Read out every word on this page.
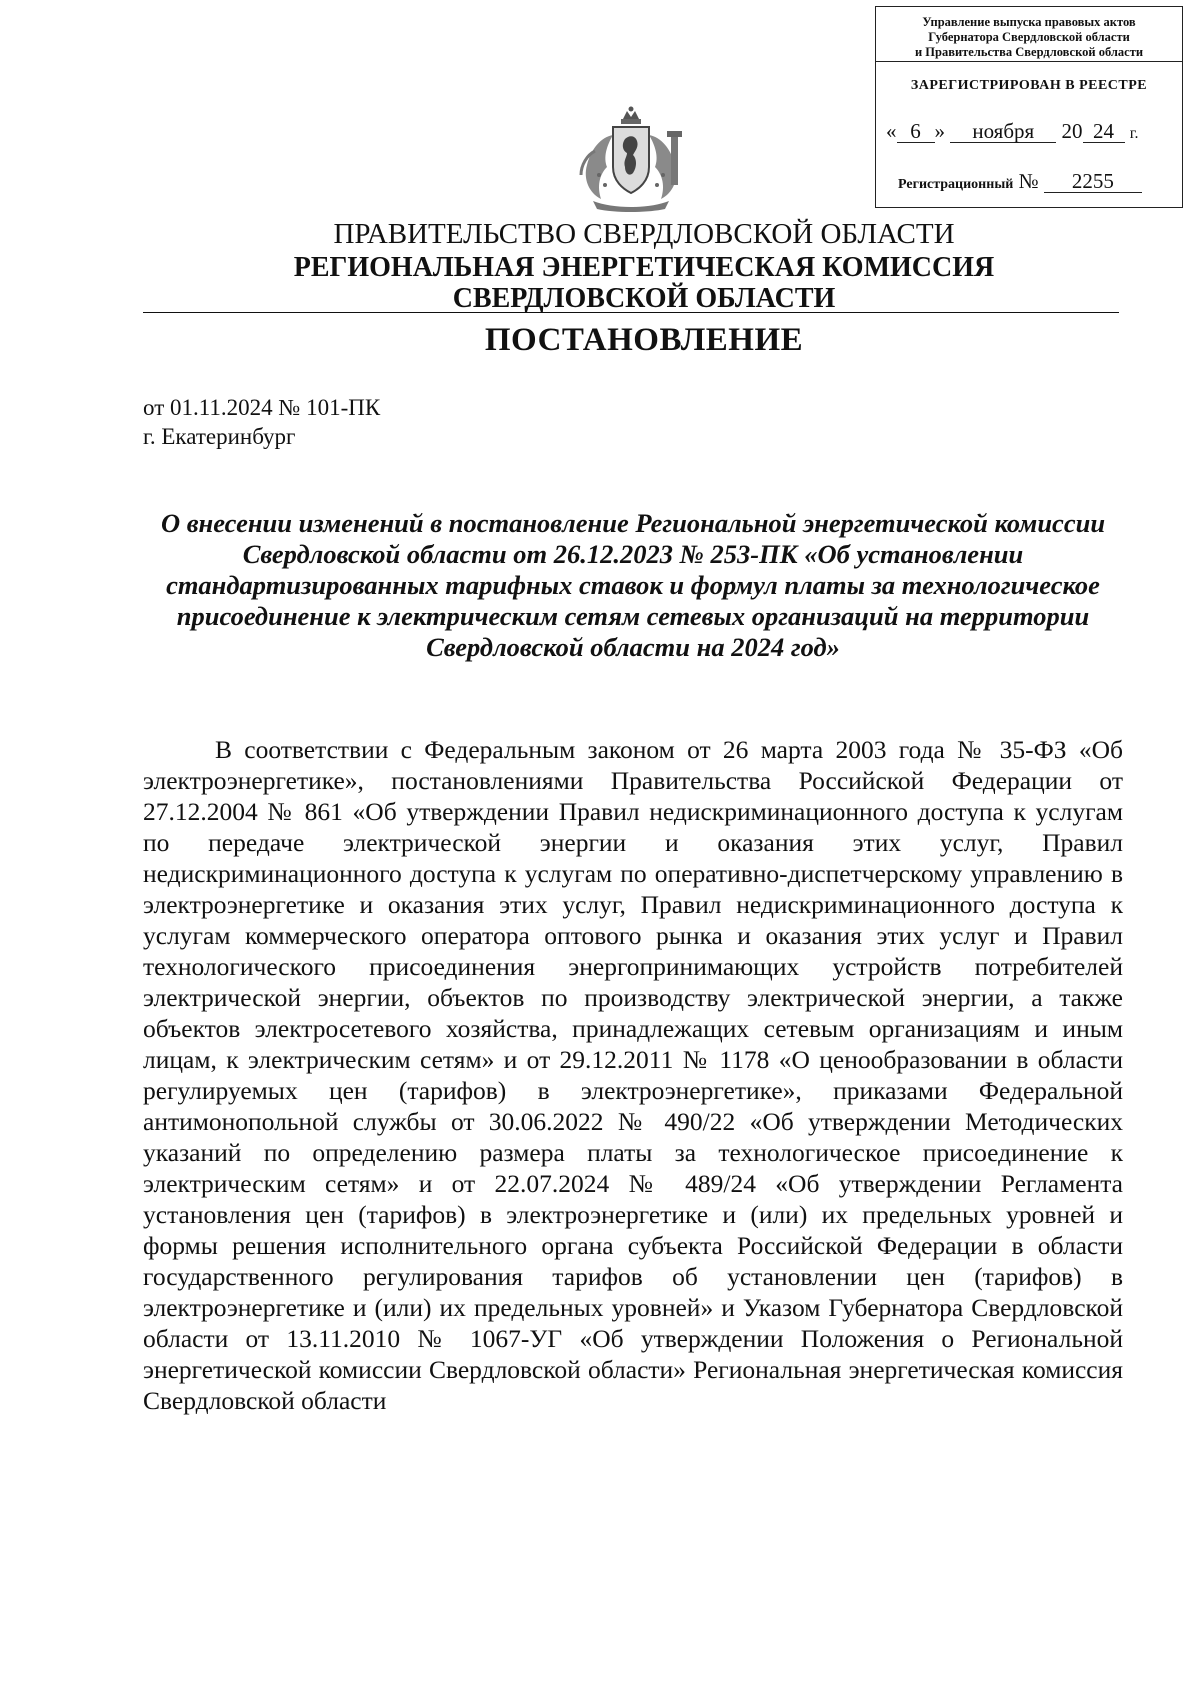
Управление выпуска правовых актов
Губернатора Свердловской области
и Правительства Свердловской области
ЗАРЕГИСТРИРОВАН В РЕЕСТРЕ
« 6 » ноября 20 24 г.
Регистрационный № 2255
ПРАВИТЕЛЬСТВО СВЕРДЛОВСКОЙ ОБЛАСТИ
РЕГИОНАЛЬНАЯ ЭНЕРГЕТИЧЕСКАЯ КОМИССИЯ
СВЕРДЛОВСКОЙ ОБЛАСТИ
ПОСТАНОВЛЕНИЕ
от 01.11.2024 № 101-ПК
г. Екатеринбург
О внесении изменений в постановление Региональной энергетической комиссии Свердловской области от 26.12.2023 № 253-ПК «Об установлении стандартизированных тарифных ставок и формул платы за технологическое присоединение к электрическим сетям сетевых организаций на территории Свердловской области на 2024 год»

В соответствии с Федеральным законом от 26 марта 2003 года № 35-ФЗ «Об электроэнергетике», постановлениями Правительства Российской Федерации от 27.12.2004 № 861 «Об утверждении Правил недискриминационного доступа к услугам по передаче электрической энергии и оказания этих услуг, Правил недискриминационного доступа к услугам по оперативно-диспетчерскому управлению в электроэнергетике и оказания этих услуг, Правил недискриминационного доступа к услугам коммерческого оператора оптового рынка и оказания этих услуг и Правил технологического присоединения энергопринимающих устройств потребителей электрической энергии, объектов по производству электрической энергии, а также объектов электросетевого хозяйства, принадлежащих сетевым организациям и иным лицам, к электрическим сетям» и от 29.12.2011 № 1178 «О ценообразовании в области регулируемых цен (тарифов) в электроэнергетике», приказами Федеральной антимонопольной службы от 30.06.2022 № 490/22 «Об утверждении Методических указаний по определению размера платы за технологическое присоединение к электрическим сетям» и от 22.07.2024 № 489/24 «Об утверждении Регламента установления цен (тарифов) в электроэнергетике и (или) их предельных уровней и формы решения исполнительного органа субъекта Российской Федерации в области государственного регулирования тарифов об установлении цен (тарифов) в электроэнергетике и (или) их предельных уровней» и Указом Губернатора Свердловской области от 13.11.2010 № 1067-УГ «Об утверждении Положения о Региональной энергетической комиссии Свердловской области» Региональная энергетическая комиссия Свердловской области
